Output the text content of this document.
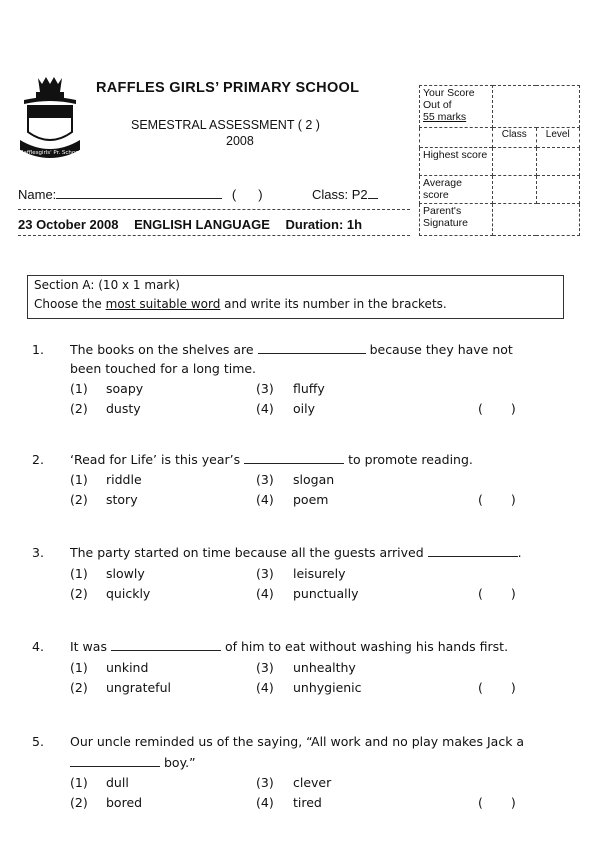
Rafflesgirls' Pr. School
RAFFLES GIRLS’ PRIMARY SCHOOL
SEMESTRAL ASSESSMENT ( 2 )
2008
Your Score
Out of
55 marks		

	Class	Level
Highest score		
Average score		
Parent's Signature		
Name:	( )	Class: P2
23 October 2008 ENGLISH LANGUAGE Duration: 1h
Section A: (10 x 1 mark)
Choose the most suitable word and write its number in the brackets.
1. The books on the shelves are	because they have not
been touched for a long time.
(1) soapy	(3) fluffy
(2) dusty	(4) oily	( )
2. ‘Read for Life’ is this year’s	to promote reading.
(1) riddle	(3) slogan
(2) story	(4) poem	( )
3. The party started on time because all the guests arrived	.
(1) slowly	(3) leisurely
(2) quickly	(4) punctually	( )
4. It was	of him to eat without washing his hands first.
(1) unkind	(3) unhealthy
(2) ungrateful	(4) unhygienic	( )
5. Our uncle reminded us of the saying, “All work and no play makes Jack a
boy.”
(1) dull	(3) clever
(2) bored	(4) tired	( )
